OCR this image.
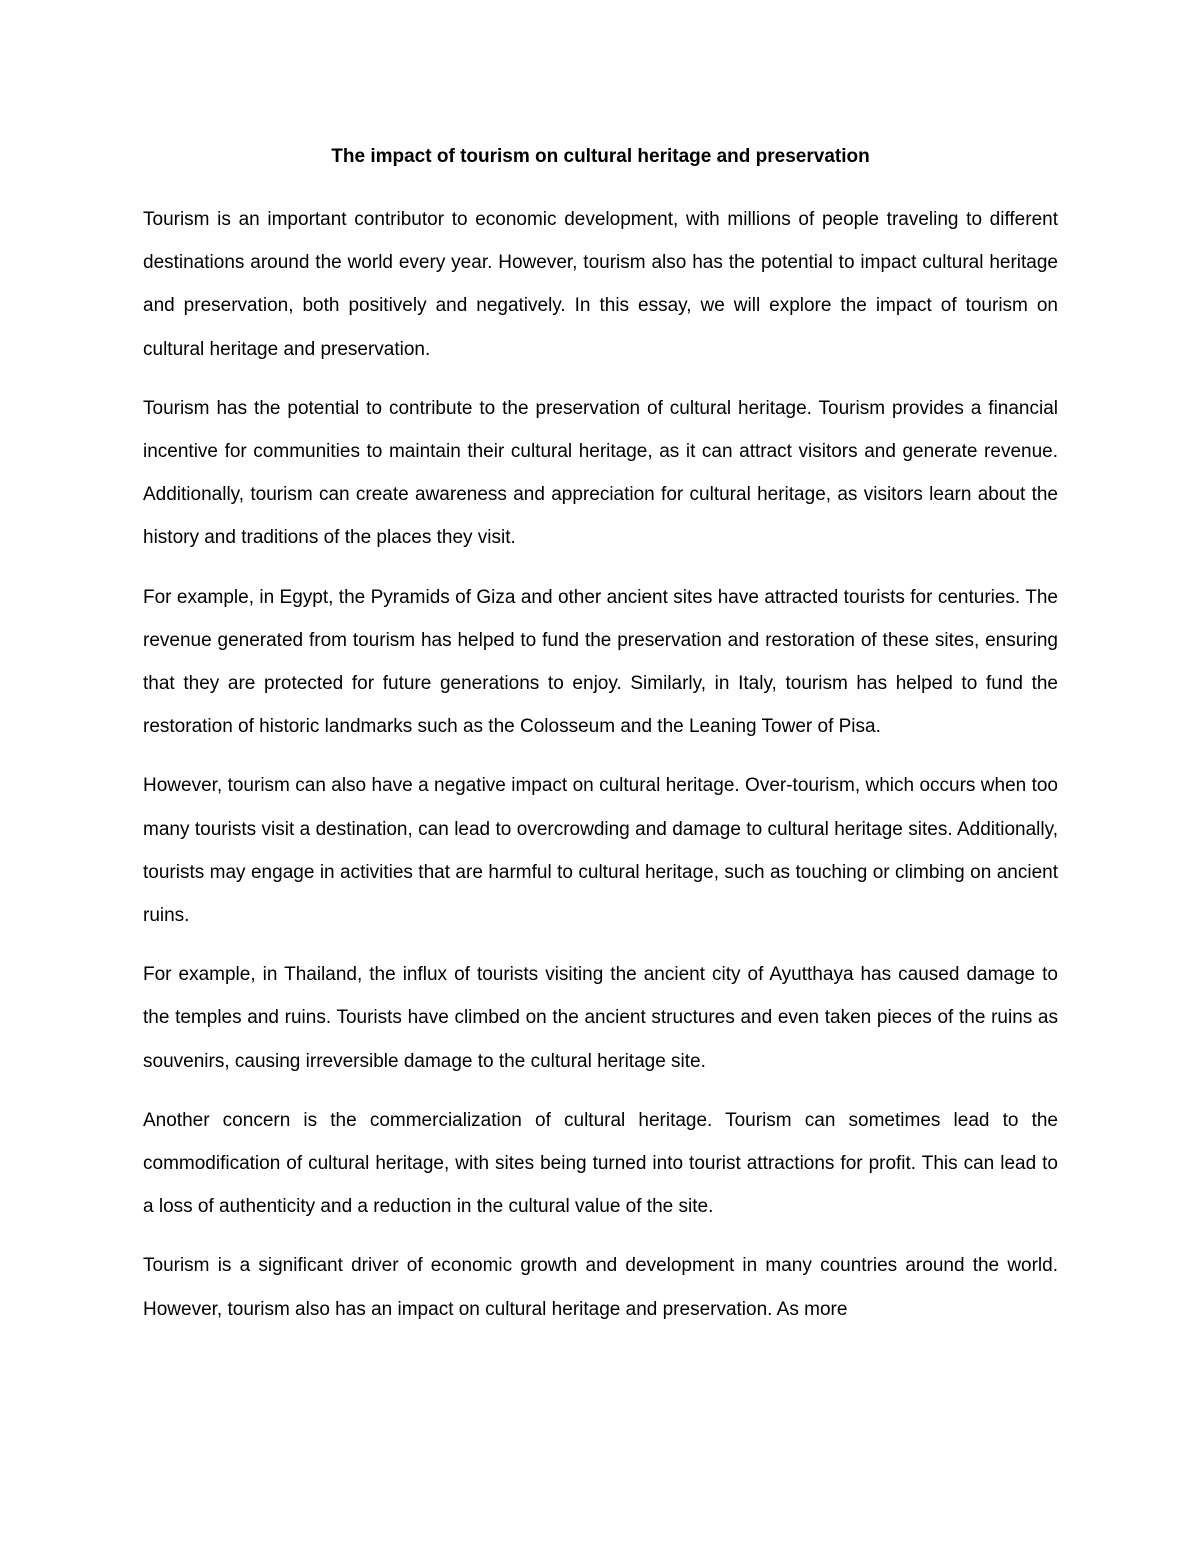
The impact of tourism on cultural heritage and preservation

Tourism is an important contributor to economic development, with millions of people traveling to different destinations around the world every year. However, tourism also has the potential to impact cultural heritage and preservation, both positively and negatively. In this essay, we will explore the impact of tourism on cultural heritage and preservation.

Tourism has the potential to contribute to the preservation of cultural heritage. Tourism provides a financial incentive for communities to maintain their cultural heritage, as it can attract visitors and generate revenue. Additionally, tourism can create awareness and appreciation for cultural heritage, as visitors learn about the history and traditions of the places they visit.

For example, in Egypt, the Pyramids of Giza and other ancient sites have attracted tourists for centuries. The revenue generated from tourism has helped to fund the preservation and restoration of these sites, ensuring that they are protected for future generations to enjoy. Similarly, in Italy, tourism has helped to fund the restoration of historic landmarks such as the Colosseum and the Leaning Tower of Pisa.

However, tourism can also have a negative impact on cultural heritage. Over-tourism, which occurs when too many tourists visit a destination, can lead to overcrowding and damage to cultural heritage sites. Additionally, tourists may engage in activities that are harmful to cultural heritage, such as touching or climbing on ancient ruins.

For example, in Thailand, the influx of tourists visiting the ancient city of Ayutthaya has caused damage to the temples and ruins. Tourists have climbed on the ancient structures and even taken pieces of the ruins as souvenirs, causing irreversible damage to the cultural heritage site.

Another concern is the commercialization of cultural heritage. Tourism can sometimes lead to the commodification of cultural heritage, with sites being turned into tourist attractions for profit. This can lead to a loss of authenticity and a reduction in the cultural value of the site.

Tourism is a significant driver of economic growth and development in many countries around the world. However, tourism also has an impact on cultural heritage and preservation. As more
